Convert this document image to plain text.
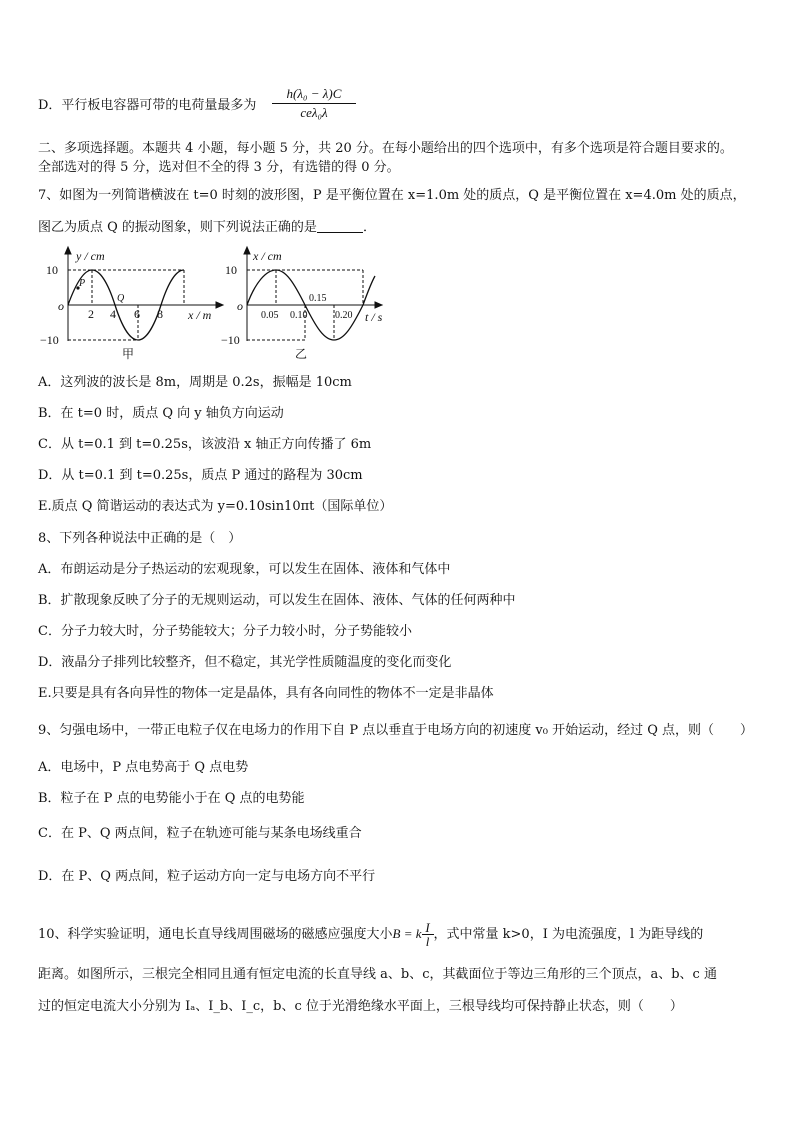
D．平行板电容器可带的电荷量最多为
h(λ₀ − λ)C
ceλ₀λ
二、多项选择题。本题共 4 小题，每小题 5 分，共 20 分。在每小题给出的四个选项中，有多个选项是符合题目要求的。
全部选对的得 5 分，选对但不全的得 3 分，有选错的得 0 分。
7、如图为一列简谐横波在 t=0 时刻的波形图，P 是平衡位置在 x=1.0m 处的质点，Q 是平衡位置在 x=4.0m 处的质点，
图乙为质点 Q 的振动图象，则下列说法正确的是	．
10
−10
o
y / cm
x / m
2 4 6 8
P
Q
甲
10
−10
o
x / cm
t / s
0.05 0.10
0.15
0.20
乙
A．这列波的波长是 8m，周期是 0.2s，振幅是 10cm
B．在 t=0 时，质点 Q 向 y 轴负方向运动
C．从 t=0.1 到 t=0.25s，该波沿 x 轴正方向传播了 6m
D．从 t=0.1 到 t=0.25s，质点 P 通过的路程为 30cm
E.质点 Q 简谐运动的表达式为 y=0.10sin10πt（国际单位）
8、下列各种说法中正确的是（　）
A．布朗运动是分子热运动的宏观现象，可以发生在固体、液体和气体中
B．扩散现象反映了分子的无规则运动，可以发生在固体、液体、气体的任何两种中
C．分子力较大时，分子势能较大；分子力较小时，分子势能较小
D．液晶分子排列比较整齐，但不稳定，其光学性质随温度的变化而变化
E.只要是具有各向异性的物体一定是晶体，具有各向同性的物体不一定是非晶体
9、匀强电场中，一带正电粒子仅在电场力的作用下自 P 点以垂直于电场方向的初速度 v₀ 开始运动，经过 Q 点，则（　　）
A．电场中，P 点电势高于 Q 点电势
B．粒子在 P 点的电势能小于在 Q 点的电势能
C．在 P、Q 两点间，粒子在轨迹可能与某条电场线重合
D．在 P、Q 两点间，粒子运动方向一定与电场方向不平行
10、科学实验证明，通电长直导线周围磁场的磁感应强度大小B = k $\frac{I}{l}$ ，式中常量 k>0，I 为电流强度，l 为距导线的
距离。如图所示，三根完全相同且通有恒定电流的长直导线 a、b、c，其截面位于等边三角形的三个顶点，a、b、c 通
过的恒定电流大小分别为 Iₐ、I_b、I_c，b、c 位于光滑绝缘水平面上，三根导线均可保持静止状态，则（　　）
